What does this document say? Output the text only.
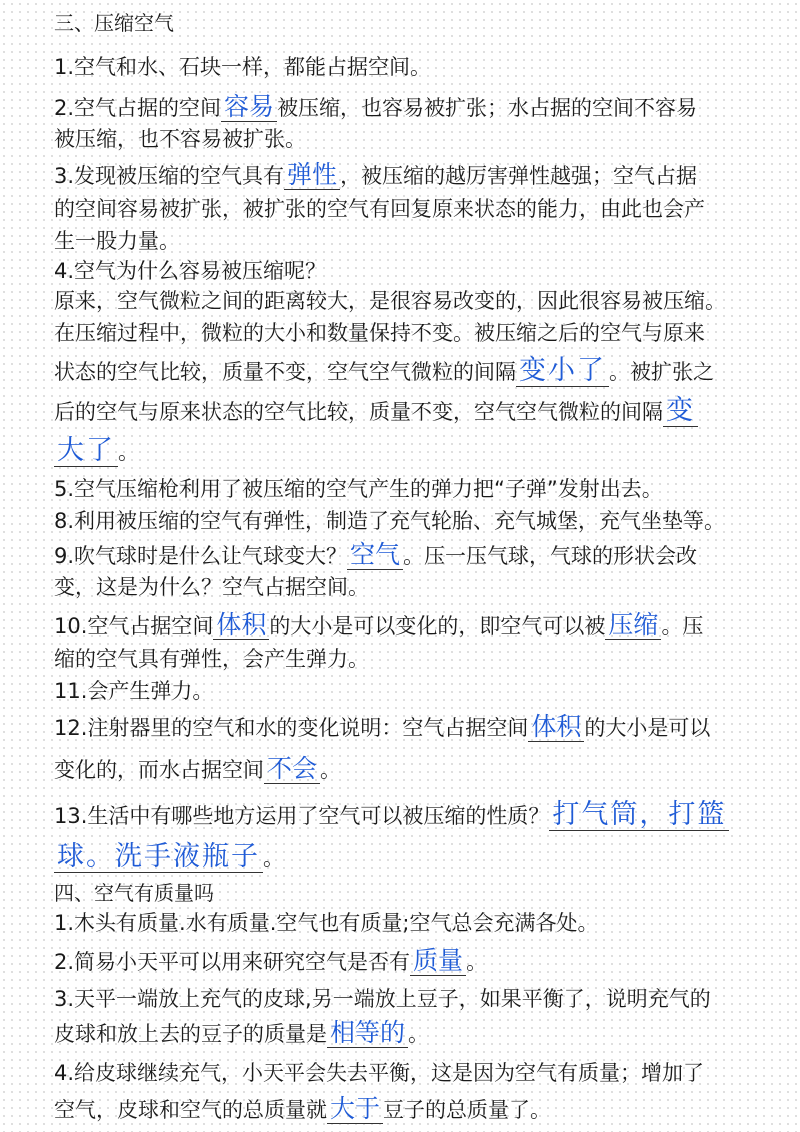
三、压缩空气
1.空气和水、石块一样，都能占据空间。
2.空气占据的空间 容易 被压缩，也容易被扩张；水占据的空间不容易
被压缩，也不容易被扩张。
3.发现被压缩的空气具有 弹性 ，被压缩的越厉害弹性越强；空气占据
的空间容易被扩张，被扩张的空气有回复原来状态的能力，由此也会产
生一股力量。
4.空气为什么容易被压缩呢？
原来，空气微粒之间的距离较大，是很容易改变的，因此很容易被压缩。
在压缩过程中，微粒的大小和数量保持不变。被压缩之后的空气与原来
状态的空气比较，质量不变，空气空气微粒的间隔 变小了 。被扩张之
后的空气与原来状态的空气比较，质量不变，空气空气微粒的间隔 变
大了 。
5.空气压缩枪利用了被压缩的空气产生的弹力把“子弹”发射出去。
8.利用被压缩的空气有弹性，制造了充气轮胎、充气城堡，充气坐垫等。
9.吹气球时是什么让气球变大？ 空气 。压一压气球，气球的形状会改
变，这是为什么？空气占据空间。
10.空气占据空间 体积 的大小是可以变化的，即空气可以被 压缩 。压
缩的空气具有弹性，会产生弹力。
11.会产生弹力。
12.注射器里的空气和水的变化说明：空气占据空间 体积 的大小是可以
变化的，而水占据空间 不会 。
13.生活中有哪些地方运用了空气可以被压缩的性质？ 打气筒，打篮
球。洗手液瓶子 。
四、空气有质量吗
1.木头有质量.水有质量.空气也有质量;空气总会充满各处。
2.简易小天平可以用来研究空气是否有 质量 。
3.天平一端放上充气的皮球,另一端放上豆子，如果平衡了，说明充气的
皮球和放上去的豆子的质量是 相等的 。
4.给皮球继续充气，小天平会失去平衡，这是因为空气有质量；增加了
空气，皮球和空气的总质量就 大于 豆子的总质量了。
